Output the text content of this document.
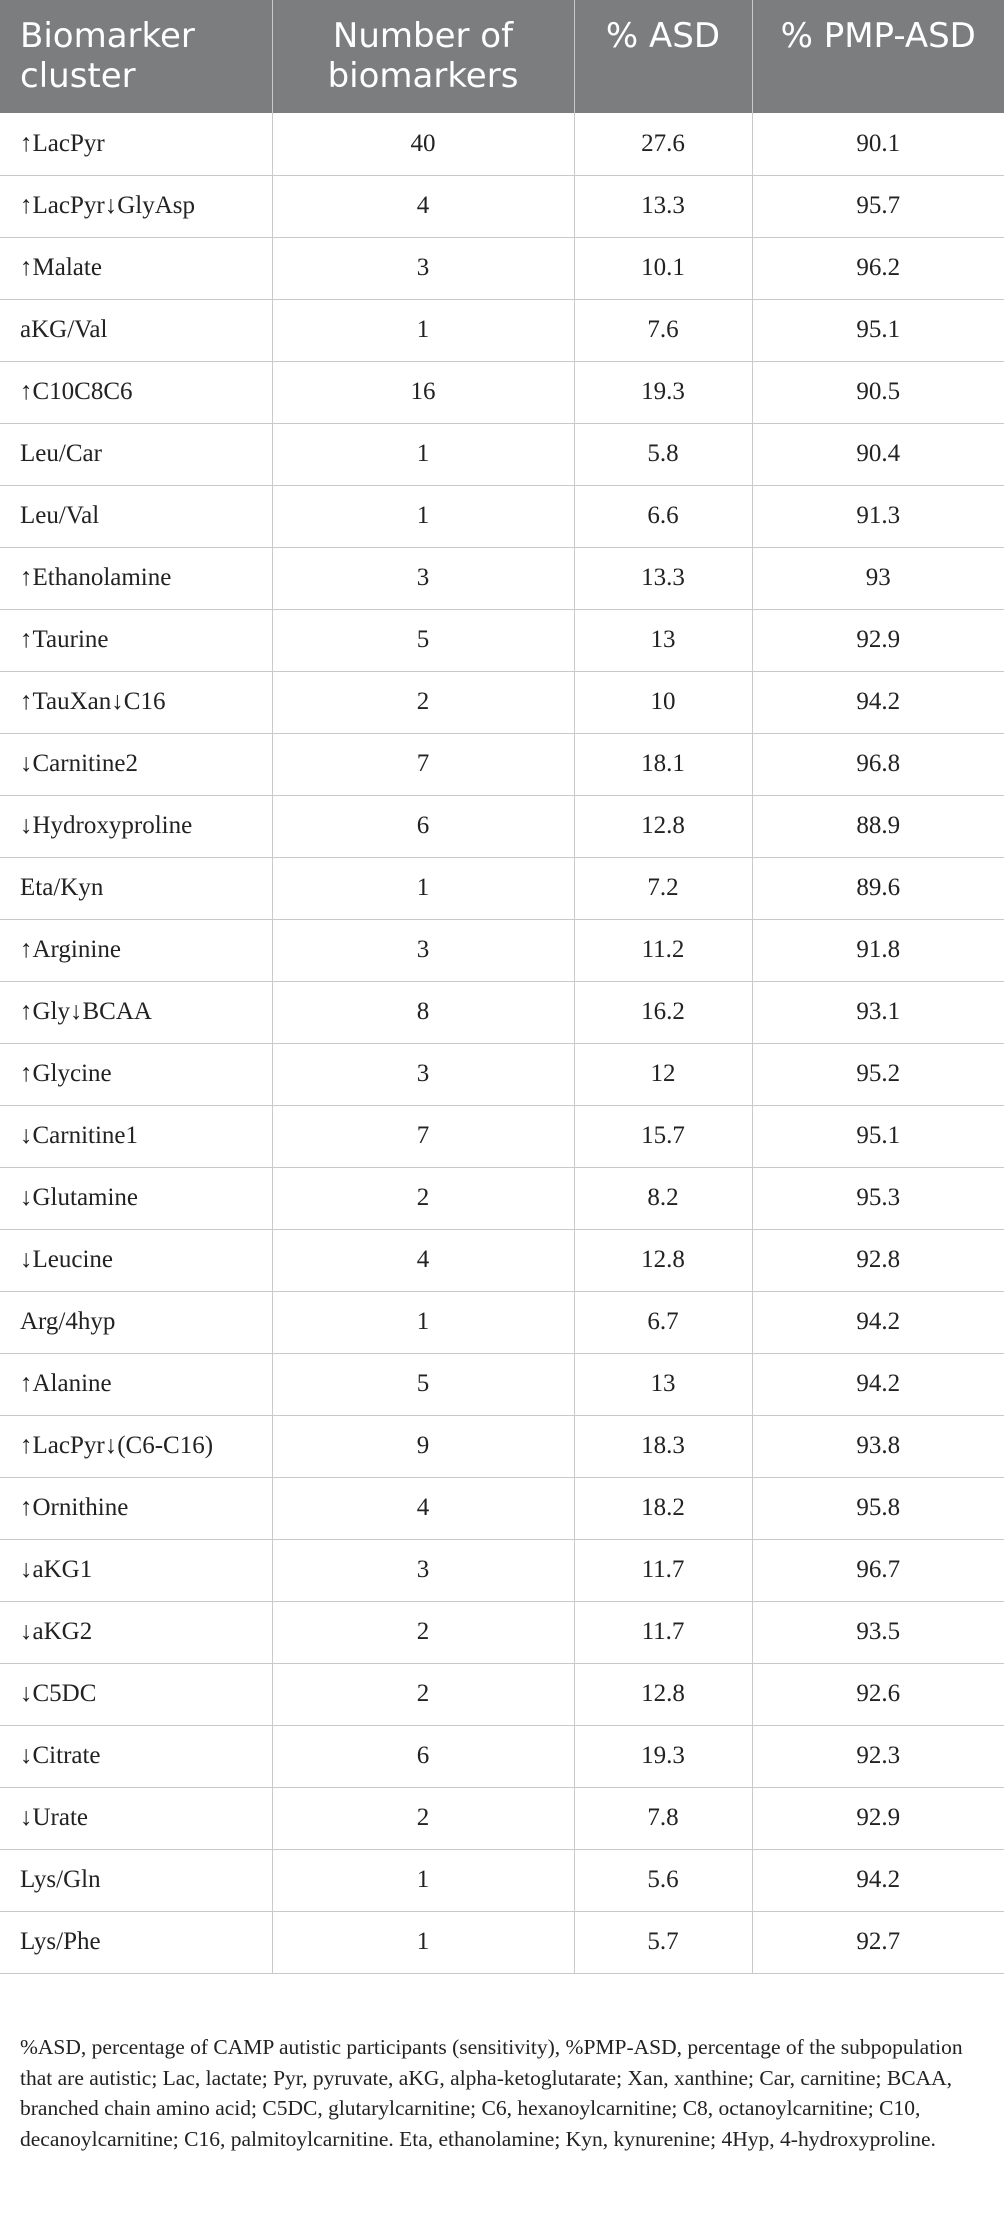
Biomarker cluster	Number of biomarkers	% ASD	% PMP-ASD
↑LacPyr	40	27.6	90.1
↑LacPyr↓GlyAsp	4	13.3	95.7
↑Malate	3	10.1	96.2
aKG/Val	1	7.6	95.1
↑C10C8C6	16	19.3	90.5
Leu/Car	1	5.8	90.4
Leu/Val	1	6.6	91.3
↑Ethanolamine	3	13.3	93
↑Taurine	5	13	92.9
↑TauXan↓C16	2	10	94.2
↓Carnitine2	7	18.1	96.8
↓Hydroxyproline	6	12.8	88.9
Eta/Kyn	1	7.2	89.6
↑Arginine	3	11.2	91.8
↑Gly↓BCAA	8	16.2	93.1
↑Glycine	3	12	95.2
↓Carnitine1	7	15.7	95.1
↓Glutamine	2	8.2	95.3
↓Leucine	4	12.8	92.8
Arg/4hyp	1	6.7	94.2
↑Alanine	5	13	94.2
↑LacPyr↓(C6-C16)	9	18.3	93.8
↑Ornithine	4	18.2	95.8
↓aKG1	3	11.7	96.7
↓aKG2	2	11.7	93.5
↓C5DC	2	12.8	92.6
↓Citrate	6	19.3	92.3
↓Urate	2	7.8	92.9
Lys/Gln	1	5.6	94.2
Lys/Phe	1	5.7	92.7
%ASD, percentage of CAMP autistic participants (sensitivity), %PMP-ASD, percentage of the subpopulation that are autistic; Lac, lactate; Pyr, pyruvate, aKG, alpha-ketoglutarate; Xan, xanthine; Car, carnitine; BCAA, branched chain amino acid; C5DC, glutarylcarnitine; C6, hexanoylcarnitine; C8, octanoylcarnitine; C10, decanoylcarnitine; C16, palmitoylcarnitine. Eta, ethanolamine; Kyn, kynurenine; 4Hyp, 4-hydroxyproline.
